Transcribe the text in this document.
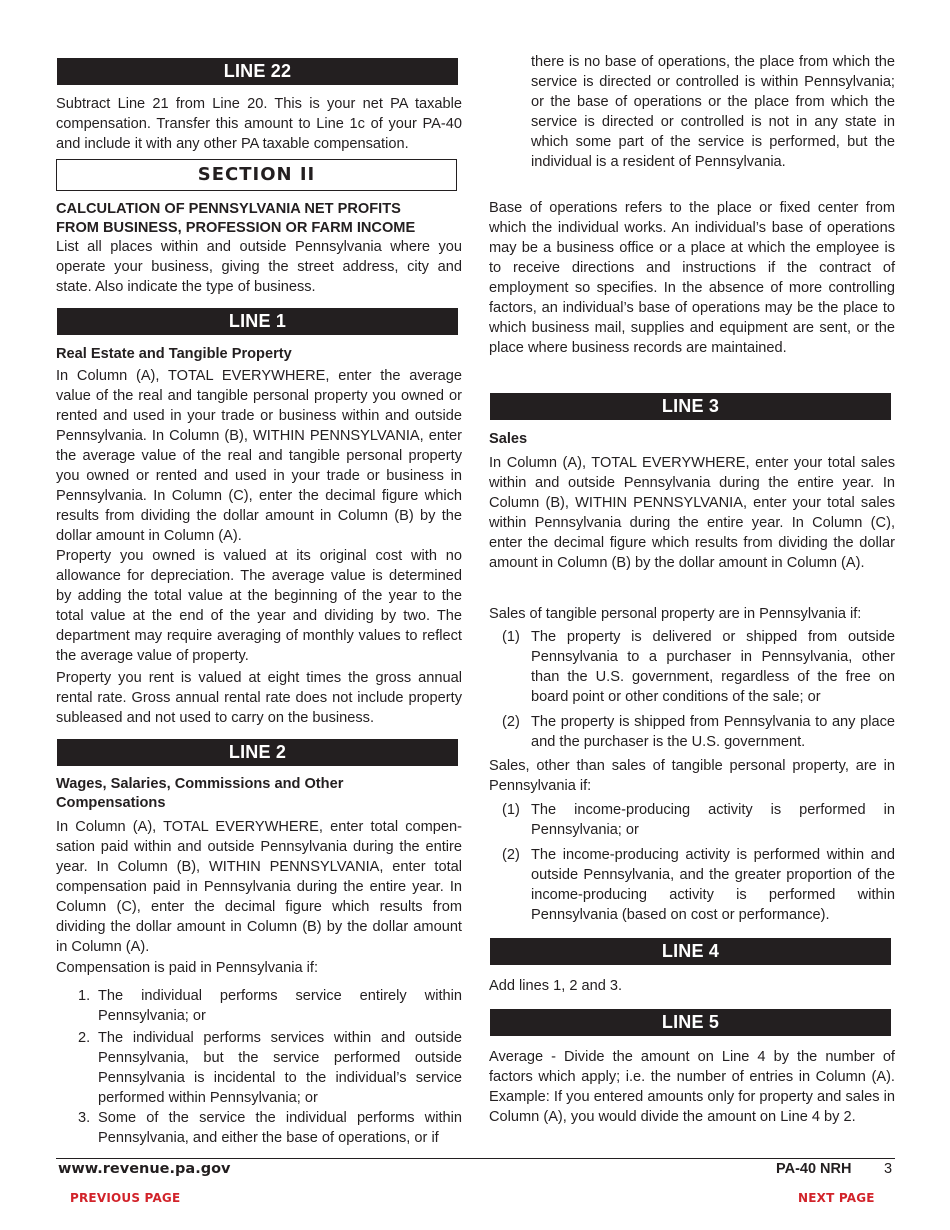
LINE 22
Subtract Line 21 from Line 20. This is your net PA taxable compensation. Transfer this amount to Line 1c of your PA-40 and include it with any other PA taxable compensation.
SECTION II
CALCULATION OF PENNSYLVANIA NET PROFITS
FROM BUSINESS, PROFESSION OR FARM INCOME
List all places within and outside Pennsylvania where you operate your business, giving the street address, city and state. Also indicate the type of business.
LINE 1
Real Estate and Tangible Property
In Column (A), TOTAL EVERYWHERE, enter the average value of the real and tangible personal property you owned or rented and used in your trade or business within and outside Pennsylvania. In Column (B), WITHIN PENNSYLVANIA, enter the average value of the real and tangible personal property you owned or rented and used in your trade or business in Pennsylvania. In Column (C), enter the decimal figure which results from dividing the dollar amount in Column (B) by the dollar amount in Column (A).
Property you owned is valued at its original cost with no allowance for depreciation. The average value is determined by adding the total value at the beginning of the year to the total value at the end of the year and dividing by two. The department may require averaging of monthly values to reflect the average value of property.
Property you rent is valued at eight times the gross annual rental rate. Gross annual rental rate does not include property subleased and not used to carry on the business.
LINE 2
Wages, Salaries, Commissions and Other
Compensations
In Column (A), TOTAL EVERYWHERE, enter total compensation paid within and outside Pennsylvania during the entire year. In Column (B), WITHIN PENNSYLVANIA, enter total compensation paid in Pennsylvania during the entire year. In Column (C), enter the decimal figure which results from dividing the dollar amount in Column (B) by the dollar amount in Column (A).
Compensation is paid in Pennsylvania if:
1. The individual performs service entirely within Pennsylvania; or
2. The individual performs services within and outside Pennsylvania, but the service performed outside Pennsylvania is incidental to the individual’s service performed within Pennsylvania; or
3. Some of the service the individual performs within Pennsylvania, and either the base of operations, or if
there is no base of operations, the place from which the service is directed or controlled is within Pennsylvania; or the base of operations or the place from which the service is directed or controlled is not in any state in which some part of the service is performed, but the individual is a resident of Pennsylvania.
Base of operations refers to the place or fixed center from which the individual works. An individual’s base of operations may be a business office or a place at which the employee is to receive directions and instructions if the contract of employment so specifies. In the absence of more controlling factors, an individual’s base of operations may be the place to which business mail, supplies and equipment are sent, or the place where business records are maintained.
LINE 3
Sales
In Column (A), TOTAL EVERYWHERE, enter your total sales within and outside Pennsylvania during the entire year. In Column (B), WITHIN PENNSYLVANIA, enter your total sales within Pennsylvania during the entire year. In Column (C), enter the decimal figure which results from dividing the dollar amount in Column (B) by the dollar amount in Column (A).
Sales of tangible personal property are in Pennsylvania if:
(1) The property is delivered or shipped from outside Pennsylvania to a purchaser in Pennsylvania, other than the U.S. government, regardless of the free on board point or other conditions of the sale; or
(2) The property is shipped from Pennsylvania to any place and the purchaser is the U.S. government.
Sales, other than sales of tangible personal property, are in Pennsylvania if:
(1) The income-producing activity is performed in Pennsylvania; or
(2) The income-producing activity is performed within and outside Pennsylvania, and the greater proportion of the income-producing activity is performed within Pennsylvania (based on cost or performance).
LINE 4
Add lines 1, 2 and 3.
LINE 5
Average - Divide the amount on Line 4 by the number of factors which apply; i.e. the number of entries in Column (A). Example: If you entered amounts only for property and sales in Column (A), you would divide the amount on Line 4 by 2.
www.revenue.pa.gov	PA-40 NRH 3
PREVIOUS PAGE	NEXT PAGE
